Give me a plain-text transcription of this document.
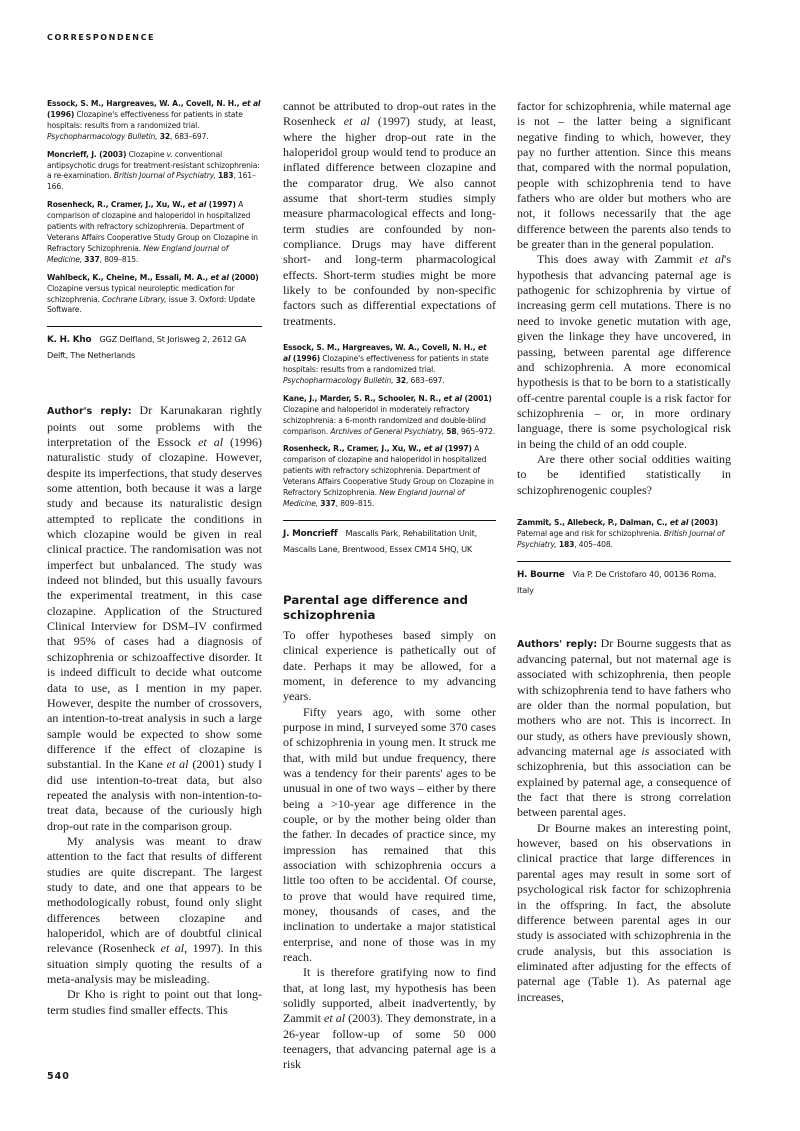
CORRESPONDENCE
Essock, S. M., Hargreaves, W. A., Covell, N. H., et al (1996) Clozapine's effectiveness for patients in state hospitals: results from a randomized trial. Psychopharmacology Bulletin, 32, 683–697.
Moncrieff, J. (2003) Clozapine v. conventional antipsychotic drugs for treatment-resistant schizophrenia: a re-examination. British Journal of Psychiatry, 183, 161–166.
Rosenheck, R., Cramer, J., Xu, W., et al (1997) A comparison of clozapine and haloperidol in hospitalized patients with refractory schizophrenia. Department of Veterans Affairs Cooperative Study Group on Clozapine in Refractory Schizophrenia. New England Journal of Medicine, 337, 809–815.
Wahlbeck, K., Cheine, M., Essali, M. A., et al (2000) Clozapine versus typical neuroleptic medication for schizophrenia. Cochrane Library, issue 3. Oxford: Update Software.
K. H. Kho GGZ Delfland, St Jorisweg 2, 2612 GA Delft, The Netherlands

Author's reply: Dr Karunakaran rightly points out some problems with the interpretation of the Essock et al (1996) naturalistic study of clozapine. However, despite its imperfections, that study deserves some attention, both because it was a large study and because its naturalistic design attempted to replicate the conditions in which clozapine would be given in real clinical practice. The randomisation was not imperfect but unbalanced. The study was indeed not blinded, but this usually favours the experimental treatment, in this case clozapine. Application of the Structured Clinical Interview for DSM–IV confirmed that 95% of cases had a diagnosis of schizophrenia or schizoaffective disorder. It is indeed difficult to decide what outcome data to use, as I mention in my paper. However, despite the number of crossovers, an intention-to-treat analysis in such a large sample would be expected to show some difference if the effect of clozapine is substantial. In the Kane et al (2001) study I did use intention-to-treat data, but also repeated the analysis with non-intention-to-treat data, because of the curiously high drop-out rate in the comparison group.

My analysis was meant to draw attention to the fact that results of different studies are quite discrepant. The largest study to date, and one that appears to be methodologically robust, found only slight differences between clozapine and haloperidol, which are of doubtful clinical relevance (Rosenheck et al, 1997). In this situation simply quoting the results of a meta-analysis may be misleading.

Dr Kho is right to point out that long-term studies find smaller effects. This

cannot be attributed to drop-out rates in the Rosenheck et al (1997) study, at least, where the higher drop-out rate in the haloperidol group would tend to produce an inflated difference between clozapine and the comparator drug. We also cannot assume that short-term studies simply measure pharmacological effects and long-term studies are confounded by non-compliance. Drugs may have different short- and long-term pharmacological effects. Short-term studies might be more likely to be confounded by non-specific factors such as differential expectations of treatments.

Essock, S. M., Hargreaves, W. A., Covell, N. H., et al (1996) Clozapine's effectiveness for patients in state hospitals: results from a randomized trial. Psychopharmacology Bulletin, 32, 683–697.
Kane, J., Marder, S. R., Schooler, N. R., et al (2001) Clozapine and haloperidol in moderately refractory schizophrenia: a 6-month randomized and double-blind comparison. Archives of General Psychiatry, 58, 965–972.
Rosenheck, R., Cramer, J., Xu, W., et al (1997) A comparison of clozapine and haloperidol in hospitalized patients with refractory schizophrenia. Department of Veterans Affairs Cooperative Study Group on Clozapine in Refractory Schizophrenia. New England Journal of Medicine, 337, 809–815.
J. Moncrieff Mascalls Park, Rehabilitation Unit, Mascalls Lane, Brentwood, Essex CM14 5HQ, UK
Parental age difference and schizophrenia

To offer hypotheses based simply on clinical experience is pathetically out of date. Perhaps it may be allowed, for a moment, in deference to my advancing years.

Fifty years ago, with some other purpose in mind, I surveyed some 370 cases of schizophrenia in young men. It struck me that, with mild but undue frequency, there was a tendency for their parents' ages to be unusual in one of two ways – either by there being a >10-year age difference in the couple, or by the mother being older than the father. In decades of practice since, my impression has remained that this association with schizophrenia occurs a little too often to be accidental. Of course, to prove that would have required time, money, thousands of cases, and the inclination to undertake a major statistical enterprise, and none of those was in my reach.

It is therefore gratifying now to find that, at long last, my hypothesis has been solidly supported, albeit inadvertently, by Zammit et al (2003). They demonstrate, in a 26-year follow-up of some 50 000 teenagers, that advancing paternal age is a risk

factor for schizophrenia, while maternal age is not – the latter being a significant negative finding to which, however, they pay no further attention. Since this means that, compared with the normal population, people with schizophrenia tend to have fathers who are older but mothers who are not, it follows necessarily that the age difference between the parents also tends to be greater than in the general population.

This does away with Zammit et al's hypothesis that advancing paternal age is pathogenic for schizophrenia by virtue of increasing germ cell mutations. There is no need to invoke genetic mutation with age, given the linkage they have uncovered, in passing, between parental age difference and schizophrenia. A more economical hypothesis is that to be born to a statistically off-centre parental couple is a risk factor for schizophrenia – or, in more ordinary language, there is some psychological risk in being the child of an odd couple.

Are there other social oddities waiting to be identified statistically in schizophrenogenic couples?

Zammit, S., Allebeck, P., Dalman, C., et al (2003) Paternal age and risk for schizophrenia. British Journal of Psychiatry, 183, 405–408.
H. Bourne Via P. De Cristofaro 40, 00136 Roma, Italy

Authors' reply: Dr Bourne suggests that as advancing paternal, but not maternal age is associated with schizophrenia, then people with schizophrenia tend to have fathers who are older than the normal population, but mothers who are not. This is incorrect. In our study, as others have previously shown, advancing maternal age is associated with schizophrenia, but this association can be explained by paternal age, a consequence of the fact that there is strong correlation between parental ages.

Dr Bourne makes an interesting point, however, based on his observations in clinical practice that large differences in parental ages may result in some sort of psychological risk factor for schizophrenia in the offspring. In fact, the absolute difference between parental ages in our study is associated with schizophrenia in the crude analysis, but this association is eliminated after adjusting for the effects of paternal age (Table 1). As paternal age increases,

540
